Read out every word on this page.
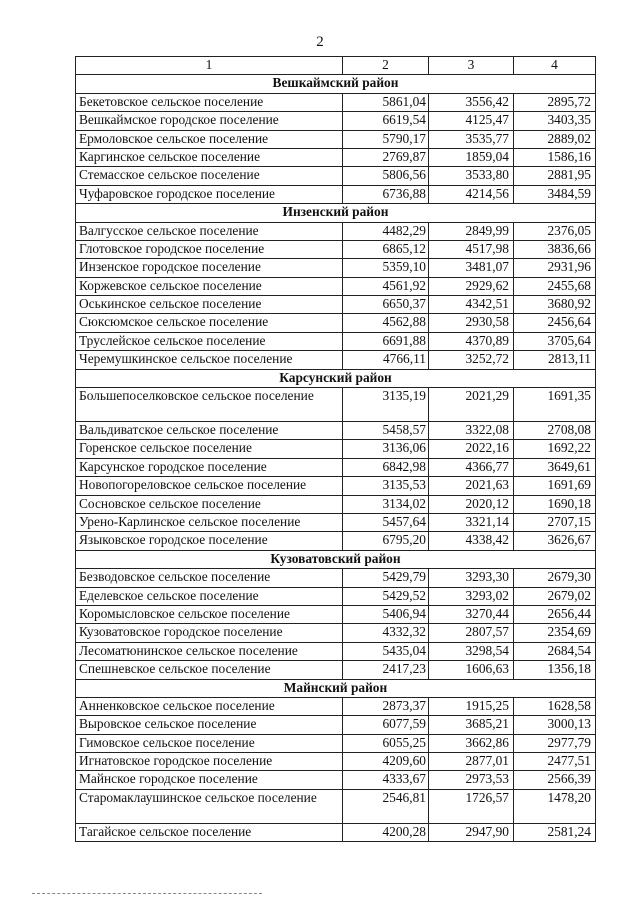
2
1	2	3	4
Вешкаймский район			
Бекетовское сельское поселение	5861,04	3556,42	2895,72
Вешкаймское городское поселение	6619,54	4125,47	3403,35
Ермоловское сельское поселение	5790,17	3535,77	2889,02
Каргинское сельское поселение	2769,87	1859,04	1586,16
Стемасское сельское поселение	5806,56	3533,80	2881,95
Чуфаровское городское поселение	6736,88	4214,56	3484,59
Инзенский район			
Валгусское сельское поселение	4482,29	2849,99	2376,05
Глотовское городское поселение	6865,12	4517,98	3836,66
Инзенское городское поселение	5359,10	3481,07	2931,96
Коржевское сельское поселение	4561,92	2929,62	2455,68
Оськинское сельское поселение	6650,37	4342,51	3680,92
Сюксюмское сельское поселение	4562,88	2930,58	2456,64
Труслейское сельское поселение	6691,88	4370,89	3705,64
Черемушкинское сельское поселение	4766,11	3252,72	2813,11
Карсунский район			
Большепоселковское сельское поселение	3135,19	2021,29	1691,35
Вальдиватское сельское поселение	5458,57	3322,08	2708,08
Горенское сельское поселение	3136,06	2022,16	1692,22
Карсунское городское поселение	6842,98	4366,77	3649,61
Новопогореловское сельское поселение	3135,53	2021,63	1691,69
Сосновское сельское поселение	3134,02	2020,12	1690,18
Урено-Карлинское сельское поселение	5457,64	3321,14	2707,15
Языковское городское поселение	6795,20	4338,42	3626,67
Кузоватовский район			
Безводовское сельское поселение	5429,79	3293,30	2679,30
Еделевское сельское поселение	5429,52	3293,02	2679,02
Коромысловское сельское поселение	5406,94	3270,44	2656,44
Кузоватовское городское поселение	4332,32	2807,57	2354,69
Лесоматюнинское сельское поселение	5435,04	3298,54	2684,54
Спешневское сельское поселение	2417,23	1606,63	1356,18
Майнский район			
Анненковское сельское поселение	2873,37	1915,25	1628,58
Выровское сельское поселение	6077,59	3685,21	3000,13
Гимовское сельское поселение	6055,25	3662,86	2977,79
Игнатовское городское поселение	4209,60	2877,01	2477,51
Майнское городское поселение	4333,67	2973,53	2566,39
Старомаклаушинское сельское поселение	2546,81	1726,57	1478,20
Тагайское сельское поселение	4200,28	2947,90	2581,24
